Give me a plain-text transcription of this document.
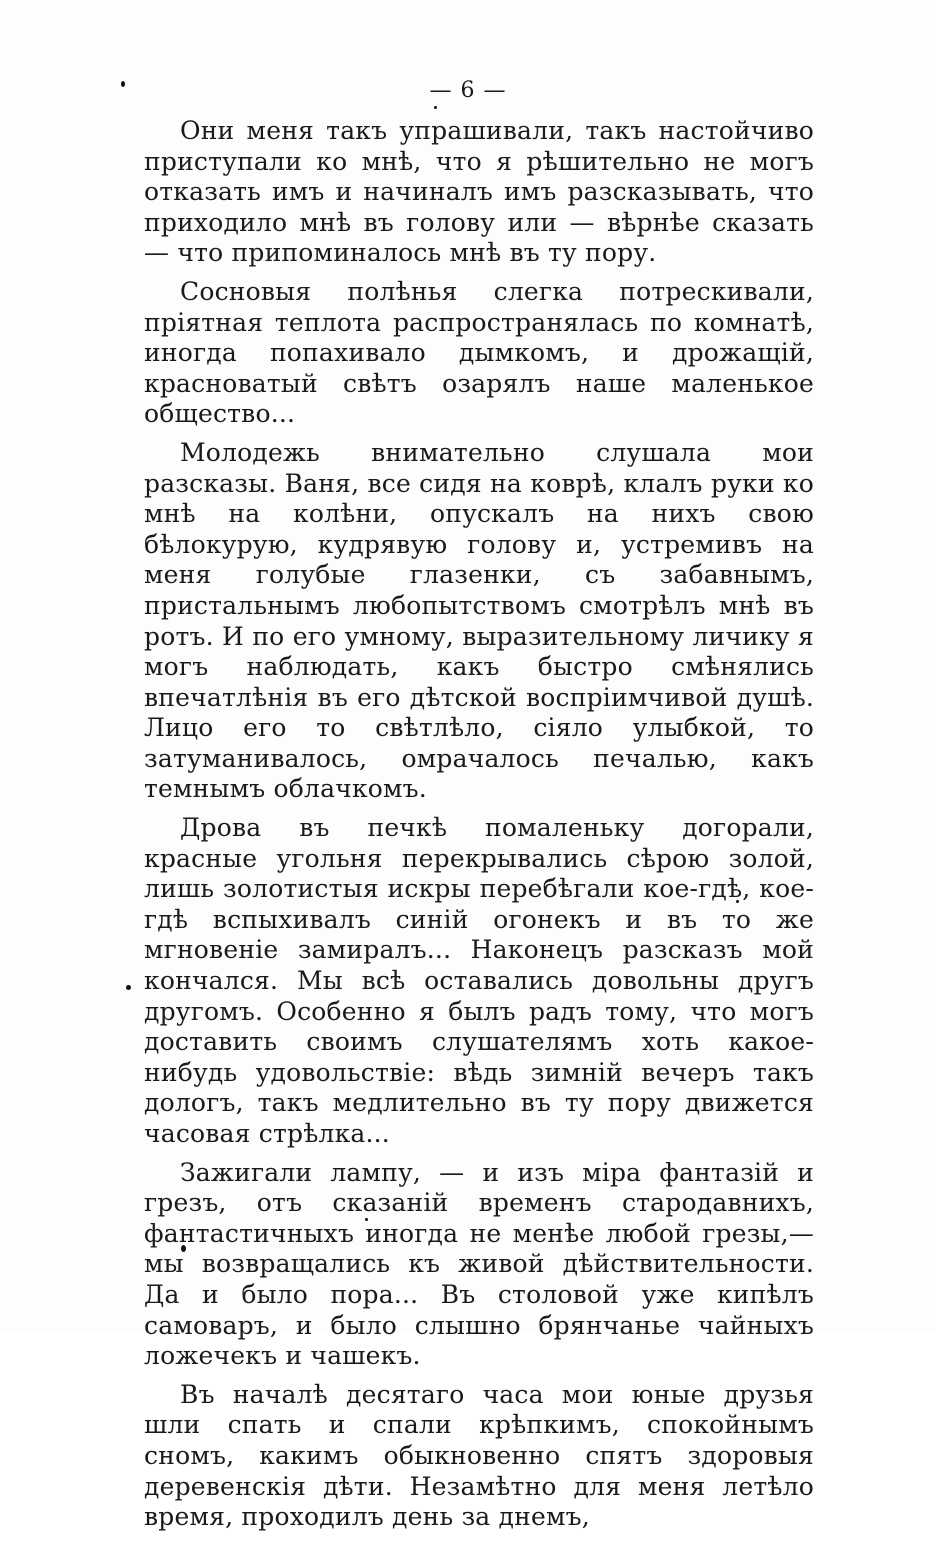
— 6 —

Они меня такъ упрашивали, такъ настойчиво приступали ко мнѣ, что я рѣшительно не могъ отказать имъ и начиналъ имъ разсказывать, что приходило мнѣ въ голову или — вѣрнѣе сказать — что припоминалось мнѣ въ ту пору.

Сосновыя полѣнья слегка потрескивали, пріятная теплота распространялась по комнатѣ, иногда попахивало дымкомъ, и дрожащій, красноватый свѣтъ озарялъ наше маленькое общество...

Молодежь внимательно слушала мои разсказы. Ваня, все сидя на коврѣ, клалъ руки ко мнѣ на колѣни, опускалъ на нихъ свою бѣлокурую, кудрявую голову и, устремивъ на меня голубые глазенки, съ забавнымъ, пристальнымъ любопытствомъ смотрѣлъ мнѣ въ ротъ. И по его умному, выразительному личику я могъ наблюдать, какъ быстро смѣнялись впечатлѣнія въ его дѣтской воспріимчивой душѣ. Лицо его то свѣтлѣло, сіяло улыбкой, то затуманивалось, омрачалось печалью, какъ темнымъ облачкомъ.

Дрова въ печкѣ помаленьку догорали, красные угольня перекрывались сѣрою золой, лишь золотистыя искры перебѣгали кое-гдѣ, кое-гдѣ вспыхивалъ синій огонекъ и въ то же мгновеніе замиралъ... Наконецъ разсказъ мой кончался. Мы всѣ оставались довольны другъ другомъ. Особенно я былъ радъ тому, что могъ доставить своимъ слушателямъ хоть какое-нибудь удовольствіе: вѣдь зимній вечеръ такъ дологъ, такъ медлительно въ ту пору движется часовая стрѣлка...

Зажигали лампу, — и изъ міра фантазій и грезъ, отъ сказаній временъ стародавнихъ, фантастичныхъ иногда не менѣе любой грезы,—мы возвращались къ живой дѣйствительности. Да и было пора... Въ столовой уже кипѣлъ самоваръ, и было слышно брянчанье чайныхъ ложечекъ и чашекъ.

Въ началѣ десятаго часа мои юные друзья шли спать и спали крѣпкимъ, спокойнымъ сномъ, какимъ обыкновенно спятъ здоровыя деревенскія дѣти. Незамѣтно для меня летѣло время, проходилъ день за днемъ,
